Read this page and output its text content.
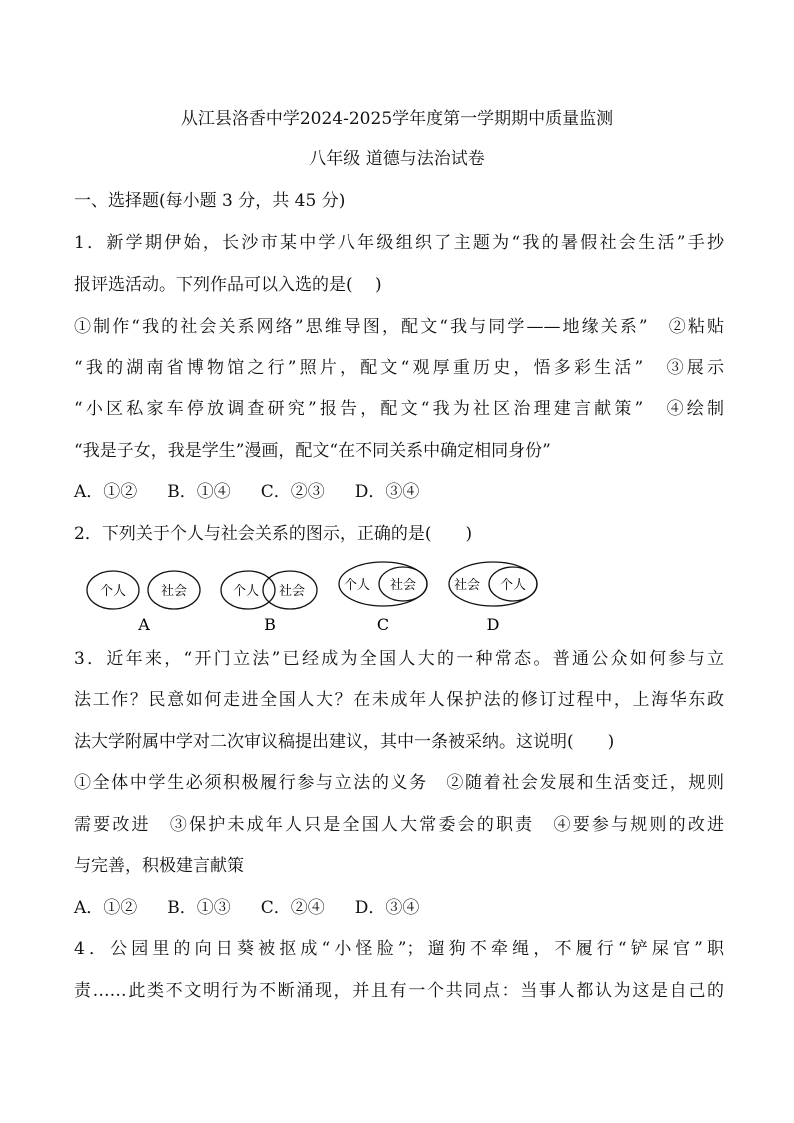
从江县洛香中学2024-2025学年度第一学期期中质量监测
八年级 道德与法治试卷
一、选择题(每小题 3 分，共 45 分)
1．新学期伊始，长沙市某中学八年级组织了主题为“我的暑假社会生活”手抄
报评选活动。下列作品可以入选的是(　 )
①制作“我的社会关系网络”思维导图，配文“我与同学——地缘关系”　②粘贴
“我的湖南省博物馆之行”照片，配文“观厚重历史，悟多彩生活”　③展示
“小区私家车停放调查研究”报告，配文“我为社区治理建言献策”　④绘制
“我是子女，我是学生”漫画，配文“在不同关系中确定相同身份”
A．①② B．①④ C．②③ D．③④
2．下列关于个人与社会关系的图示，正确的是(　　)
个人	社会
A
个人 社会
B
个人 社会
C
社会 个人
D
3．近年来，“开门立法”已经成为全国人大的一种常态。普通公众如何参与立
法工作？民意如何走进全国人大？在未成年人保护法的修订过程中，上海华东政
法大学附属中学对二次审议稿提出建议，其中一条被采纳。这说明(　　)
①全体中学生必须积极履行参与立法的义务　②随着社会发展和生活变迁，规则
需要改进　③保护未成年人只是全国人大常委会的职责　④要参与规则的改进
与完善，积极建言献策
A．①② B．①③ C．②④ D．③④
4．公园里的向日葵被抠成“小怪脸”；遛狗不牵绳，不履行“铲屎官”职
责……此类不文明行为不断涌现，并且有一个共同点：当事人都认为这是自己的
